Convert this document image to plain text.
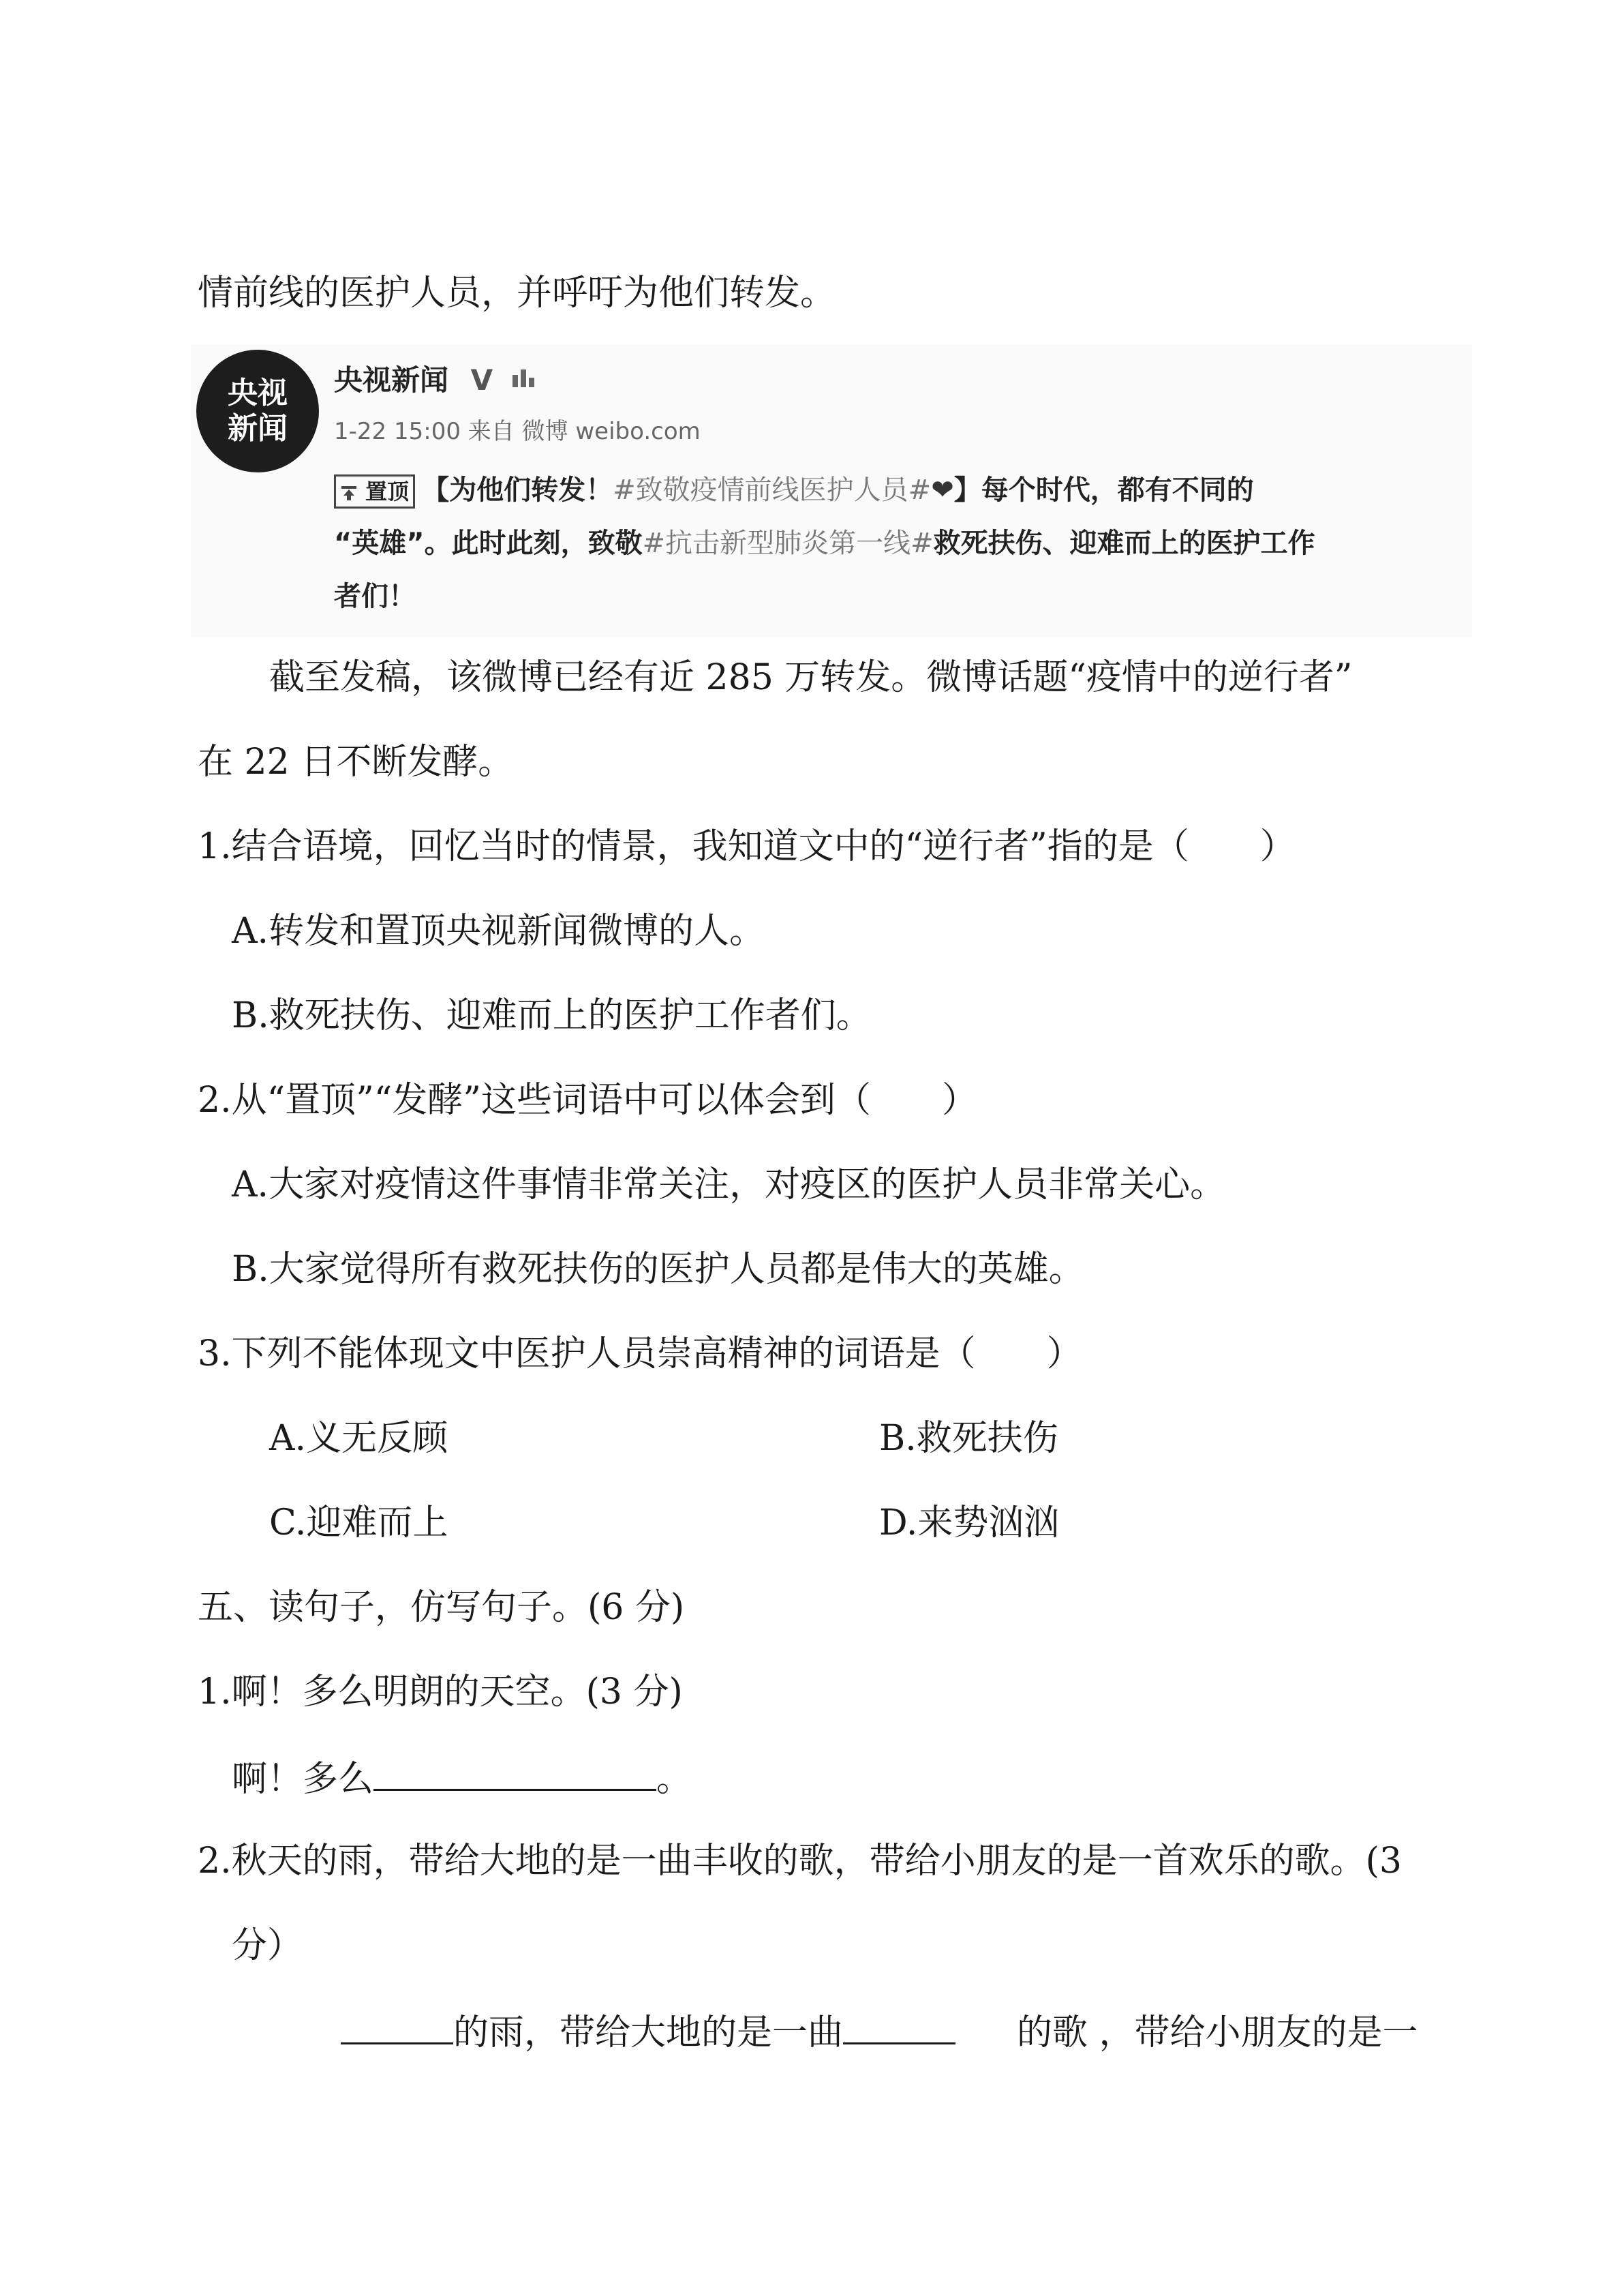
情前线的医护人员，并呼吁为他们转发。
央视
新闻
央视新闻 V
1-22 15:00 来自 微博 weibo.com
置顶 【为他们转发！#致敬疫情前线医护人员#❤】每个时代，都有不同的
“英雄”。此时此刻，致敬#抗击新型肺炎第一线#救死扶伤、迎难而上的医护工作
者们！
截至发稿，该微博已经有近 285 万转发。微博话题“疫情中的逆行者”
在 22 日不断发酵。
1.结合语境，回忆当时的情景，我知道文中的“逆行者”指的是（　　）
A.转发和置顶央视新闻微博的人。
B.救死扶伤、迎难而上的医护工作者们。
2.从“置顶”“发酵”这些词语中可以体会到（　　）
A.大家对疫情这件事情非常关注，对疫区的医护人员非常关心。
B.大家觉得所有救死扶伤的医护人员都是伟大的英雄。
3.下列不能体现文中医护人员崇高精神的词语是（　　）
A.义无反顾	B.救死扶伤
C.迎难而上	D.来势汹汹
五、读句子，仿写句子。(6 分)
1.啊！多么明朗的天空。(3 分)
啊！多么	。
2.秋天的雨，带给大地的是一曲丰收的歌，带给小朋友的是一首欢乐的歌。(3
分）
的雨，带给大地的是一曲	的歌 ，带给小朋友的是一
